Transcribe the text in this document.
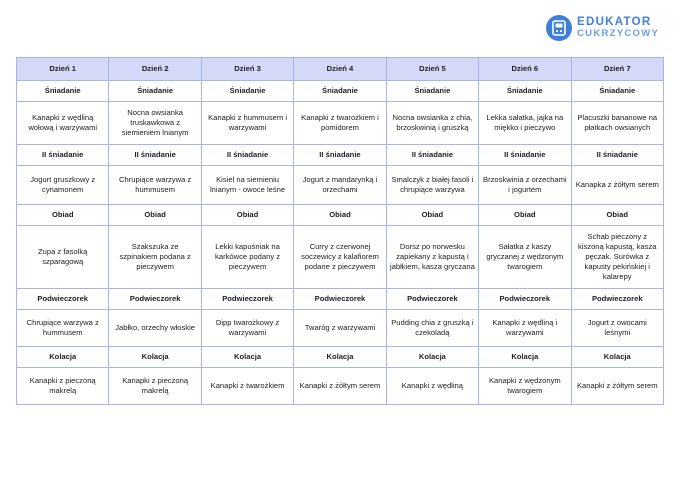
EDUKATOR
CUKRZYCOWY
Dzień 1	Dzień 2	Dzień 3	Dzień 4	Dzień 5	Dzień 6	Dzień 7
Śniadanie	Śniadanie	Śniadanie	Śniadanie	Śniadanie	Śniadanie	Śniadanie
Kanapki z wędliną wołową i warzywami	Nocna owsianka truskawkowa z siemieniem lnianym	Kanapki z hummusem i warzywami	Kanapki z twarożkiem i pomidorem	Nocna owsianka z chia, brzoskwinią i gruszką	Lekka sałatka, jajka na miękko i pieczywo	Placuszki bananowe na płatkach owsianych
II śniadanie	II śniadanie	II śniadanie	II śniadanie	II śniadanie	II śniadanie	II śniadanie
Jogurt gruszkowy z cynamonem	Chrupiące warzywa z hummusem	Kisiel na siemieniu lnianym - owoce leśne	Jogurt z mandarynką i orzechami	Smalczyk z białej fasoli i chrupiące warzywa	Brzoskwinia z orzechami i jogurtem	Kanapka z żółtym serem
Obiad	Obiad	Obiad	Obiad	Obiad	Obiad	Obiad
Zupa z fasolką szparagową	Szakszuka ze szpinakiem podana z pieczywem	Lekki kapuśniak na karkówce podany z pieczywem	Curry z czerwonej soczewicy z kalafiorem podane z pieczywem	Dorsz po norwesku zapiekany z kapustą i jabłkiem, kasza gryczana	Sałatka z kaszy gryczanej z wędzonym twarogiem	Schab pieczony z kiszoną kapustą, kasza pęczak. Surówka z kapusty pekińskiej i kalarepy
Podwieczorek	Podwieczorek	Podwieczorek	Podwieczorek	Podwieczorek	Podwieczorek	Podwieczorek
Chrupiące warzywa z hummusem	Jabłko, orzechy włoskie	Dipp twarożkowy z warzywami	Twaróg z warzywami	Pudding chia z gruszką i czekoladą	Kanapki z wędliną i warzywami	Jogurt z owocami leśnymi
Kolacja	Kolacja	Kolacja	Kolacja	Kolacja	Kolacja	Kolacja
Kanapki z pieczoną makrelą	Kanapki z pieczoną makrelą	Kanapki z twarożkiem	Kanapki z żółtym serem	Kanapki z wędliną	Kanapki z wędzonym twarogiem	Kanapki z żółtym serem
